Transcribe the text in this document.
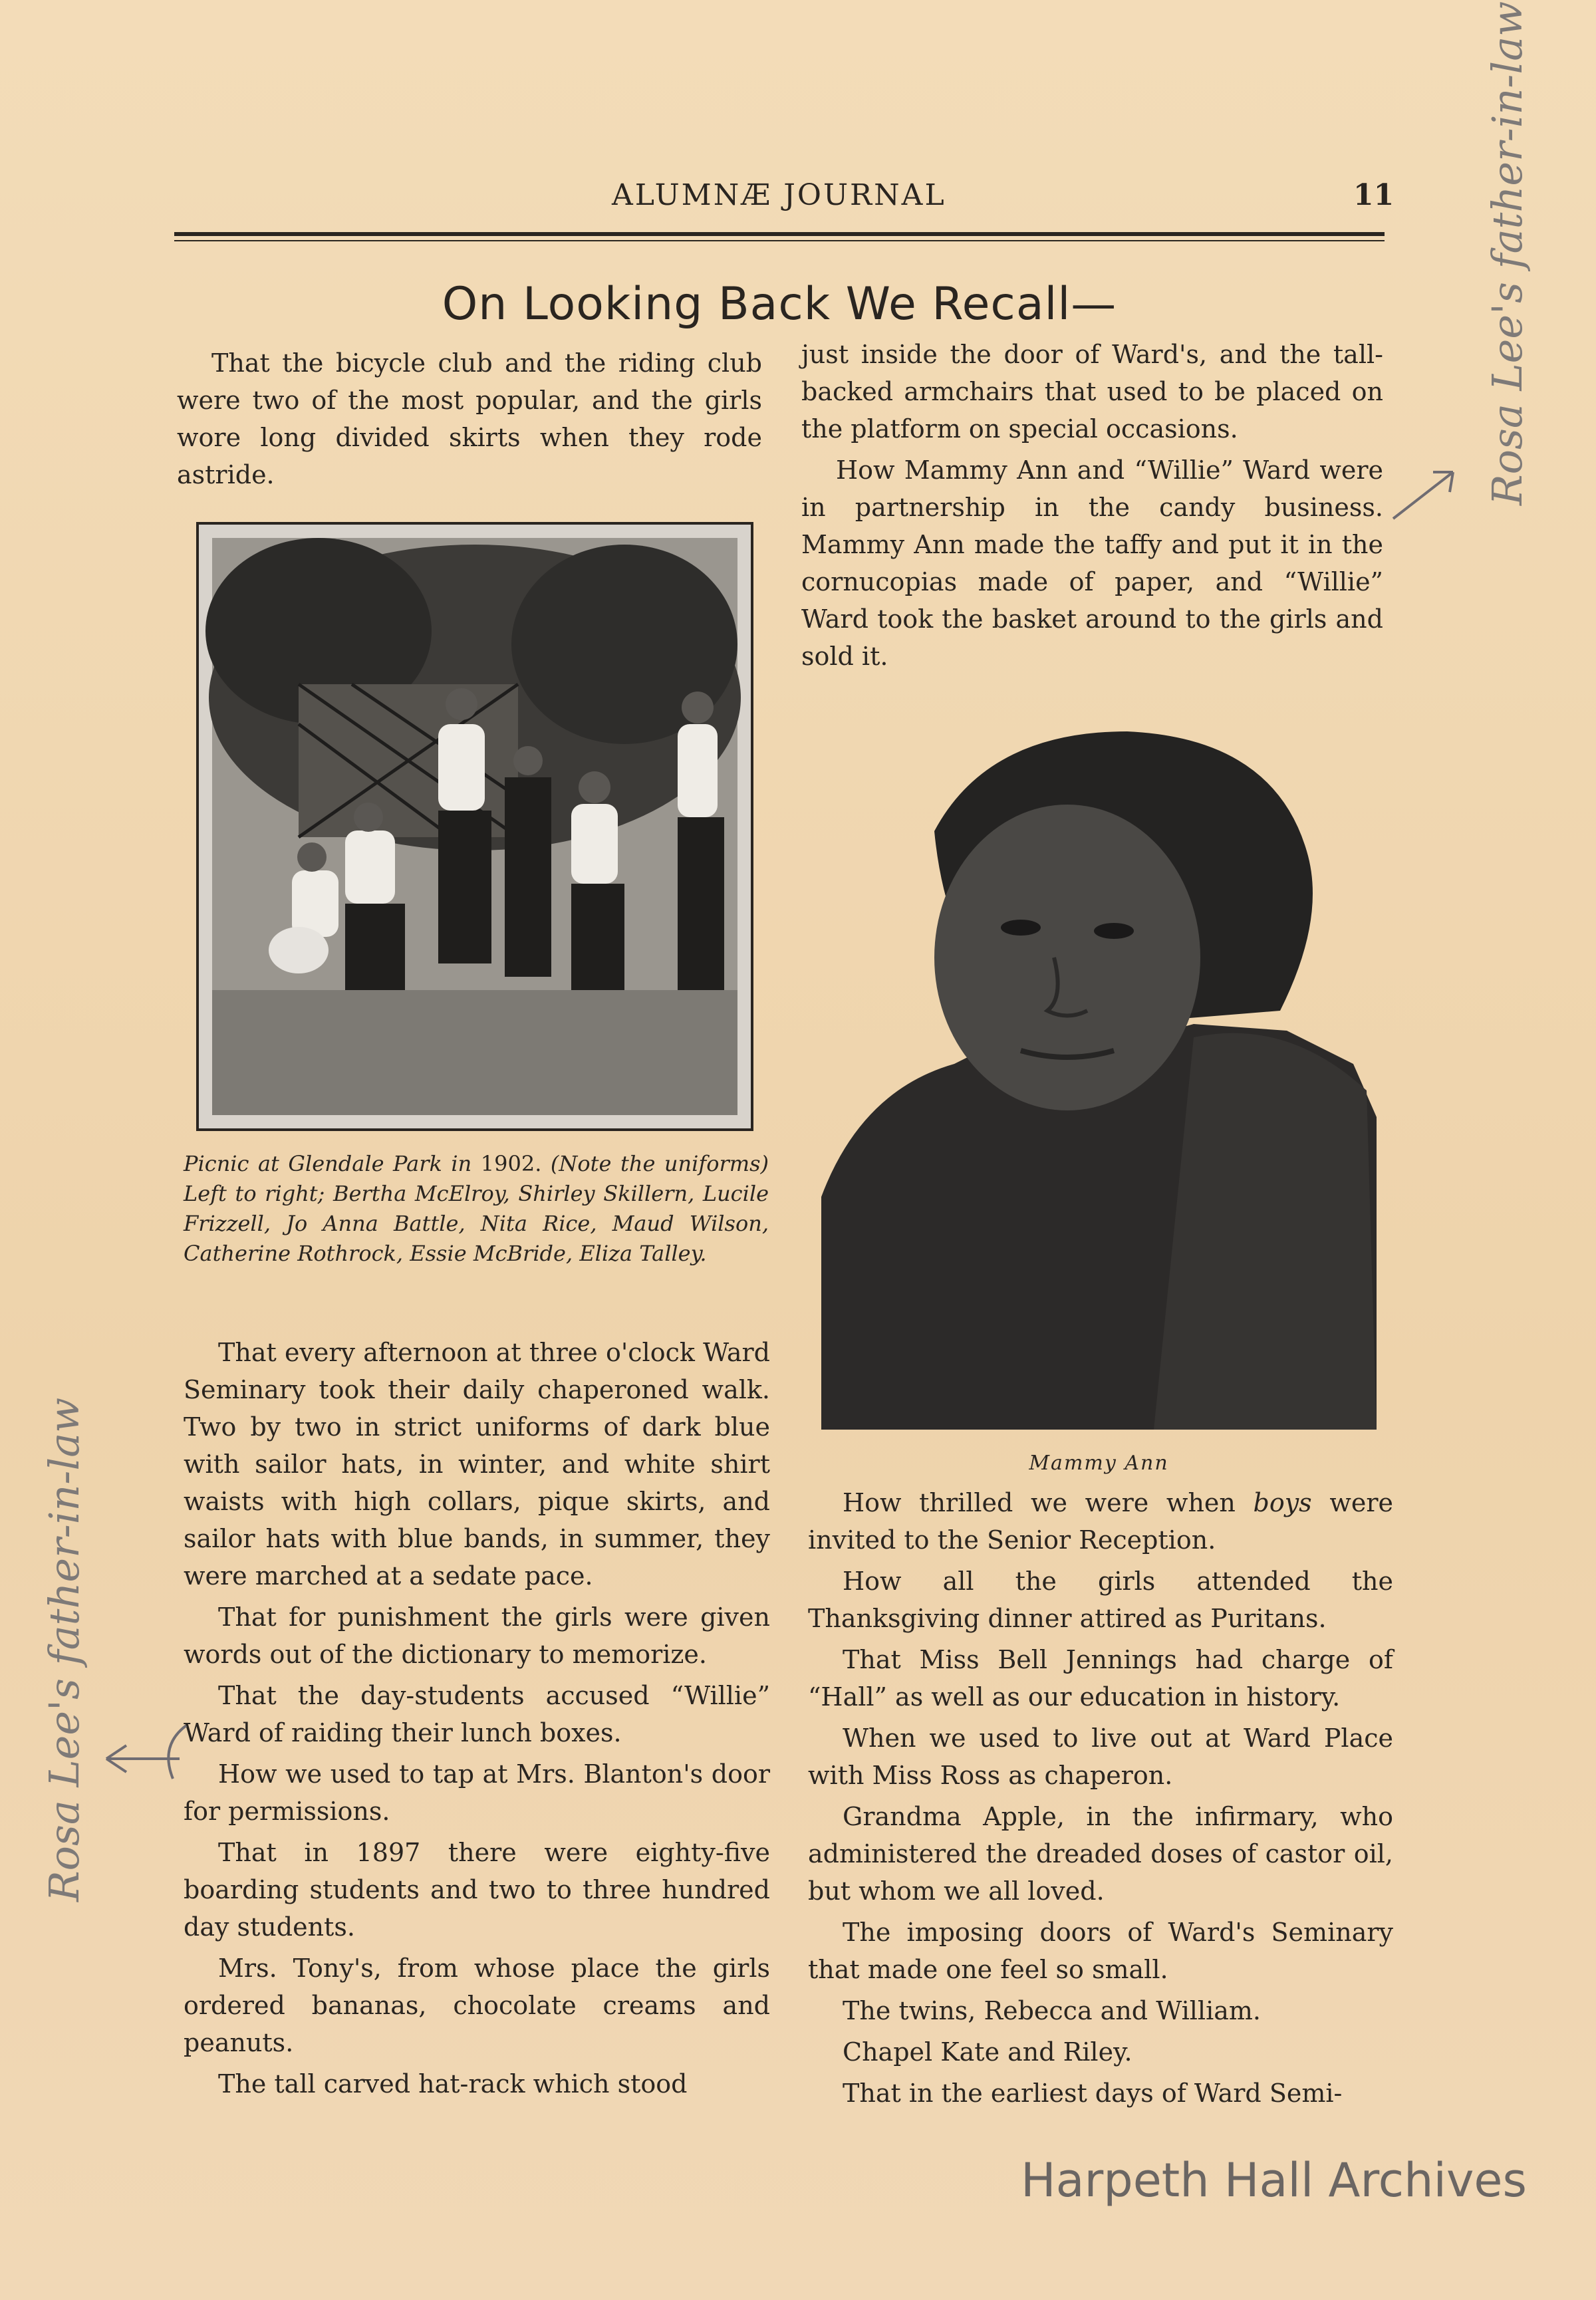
ALUMNÆ JOURNAL	11
On Looking Back We Recall—

That the bicycle club and the riding club were two of the most popular, and the girls wore long divided skirts when they rode astride.

Picnic at Glendale Park in 1902. (Note the uniforms) Left to right; Bertha McElroy, Shirley Skillern, Lucile Frizzell, Jo Anna Battle, Nita Rice, Maud Wilson, Catherine Rothrock, Essie McBride, Eliza Talley.

That every afternoon at three o'clock Ward Seminary took their daily chaperoned walk. Two by two in strict uniforms of dark blue with sailor hats, in winter, and white shirt waists with high collars, pique skirts, and sailor hats with blue bands, in summer, they were marched at a sedate pace.

That for punishment the girls were given words out of the dictionary to memorize.

That the day-students accused “Willie” Ward of raiding their lunch boxes.

How we used to tap at Mrs. Blanton's door for permissions.

That in 1897 there were eighty-five boarding students and two to three hundred day students.

Mrs. Tony's, from whose place the girls ordered bananas, chocolate creams and peanuts.

The tall carved hat-rack which stood

just inside the door of Ward's, and the tall-backed armchairs that used to be placed on the platform on special occasions.

How Mammy Ann and “Willie” Ward were in partnership in the candy business. Mammy Ann made the taffy and put it in the cornucopias made of paper, and “Willie” Ward took the basket around to the girls and sold it.

Mammy Ann

How thrilled we were when boys were invited to the Senior Reception.

How all the girls attended the Thanksgiving dinner attired as Puritans.

That Miss Bell Jennings had charge of “Hall” as well as our education in history.

When we used to live out at Ward Place with Miss Ross as chaperon.

Grandma Apple, in the infirmary, who administered the dreaded doses of castor oil, but whom we all loved.

The imposing doors of Ward's Seminary that made one feel so small.

The twins, Rebecca and William.

Chapel Kate and Riley.

That in the earliest days of Ward Semi-

Rosa Lee's father-in-law
Rosa Lee's father-in-law
Harpeth Hall Archives
